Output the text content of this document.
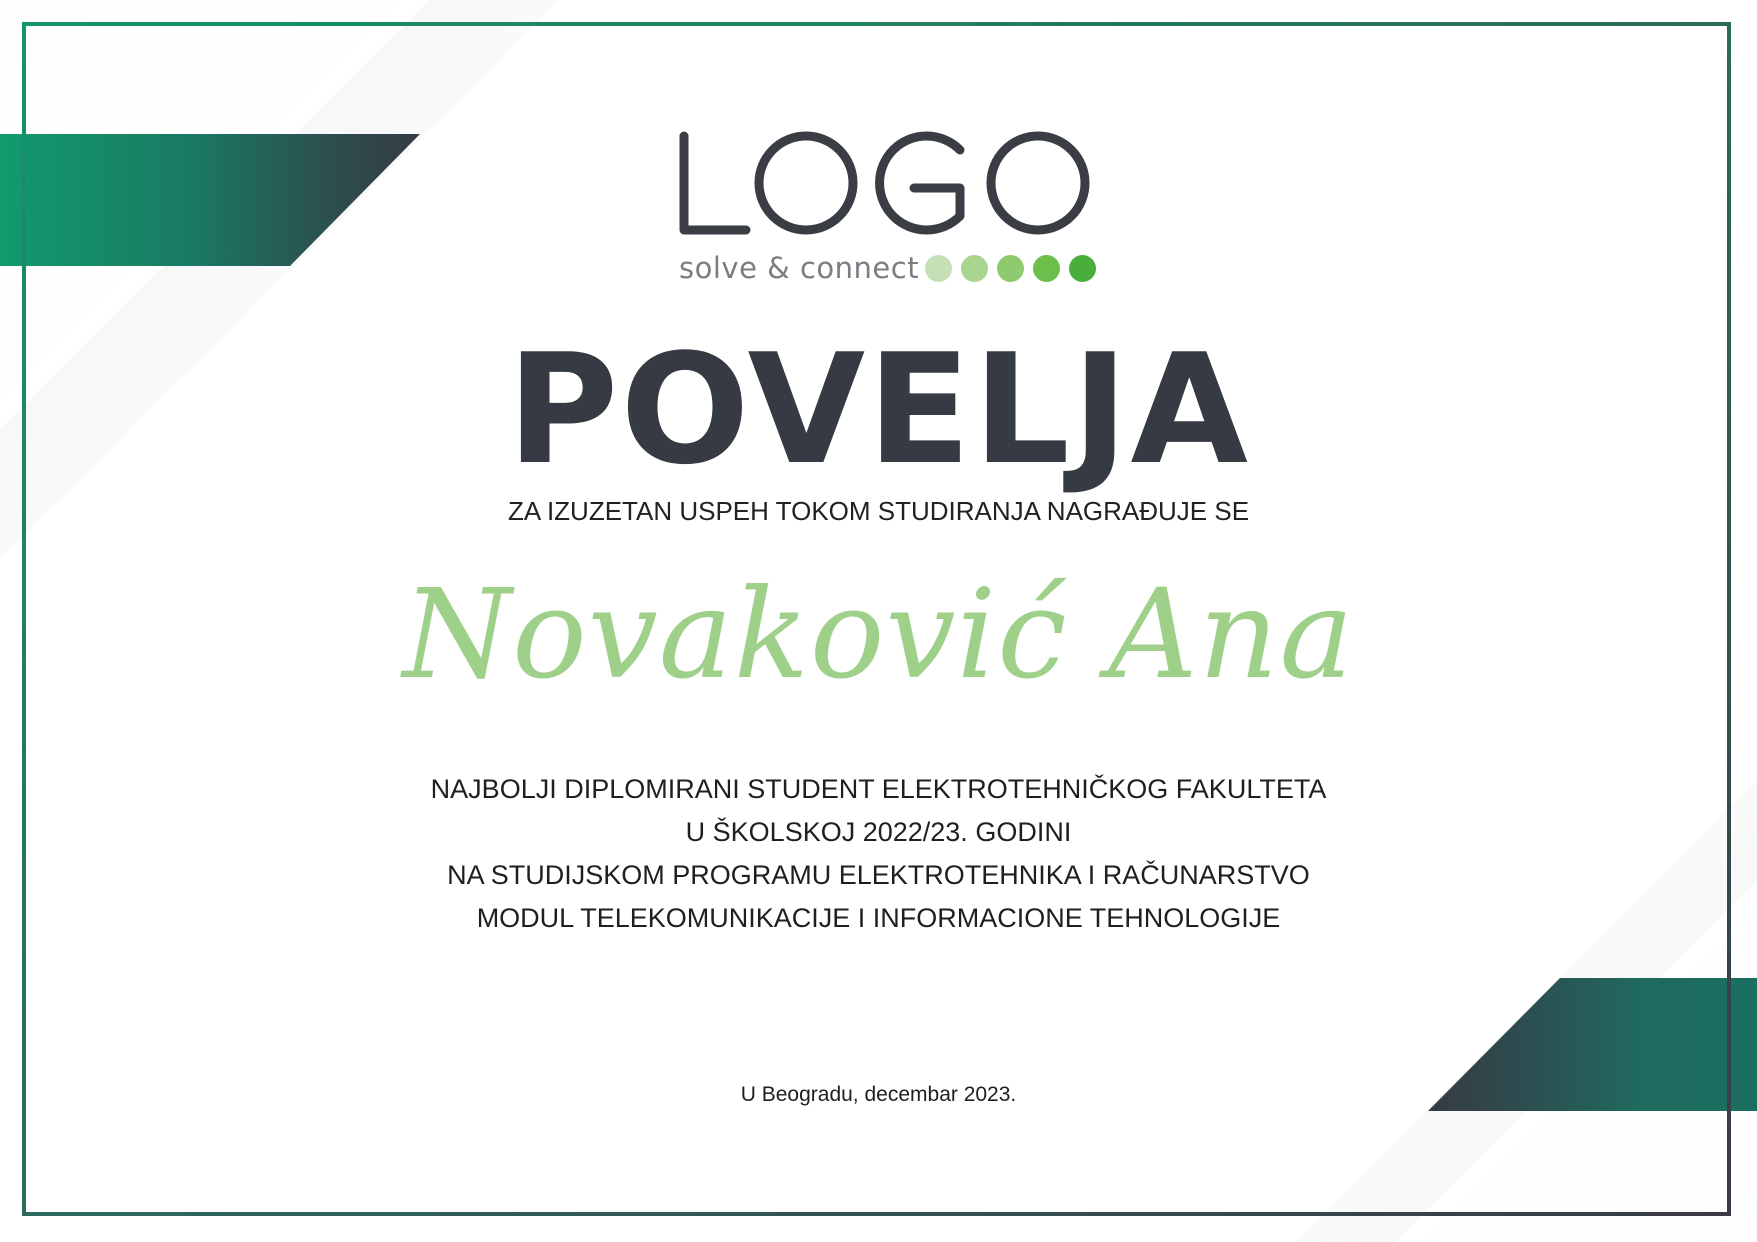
solve & connect
POVELJA
ZA IZUZETAN USPEH TOKOM STUDIRANJA NAGRAĐUJE SE
Novaković Ana
NAJBOLJI DIPLOMIRANI STUDENT ELEKTROTEHNIČKOG FAKULTETA
U ŠKOLSKOJ 2022/23. GODINI
NA STUDIJSKOM PROGRAMU ELEKTROTEHNIKA I RAČUNARSTVO
MODUL TELEKOMUNIKACIJE I INFORMACIONE TEHNOLOGIJE
U Beogradu, decembar 2023.
